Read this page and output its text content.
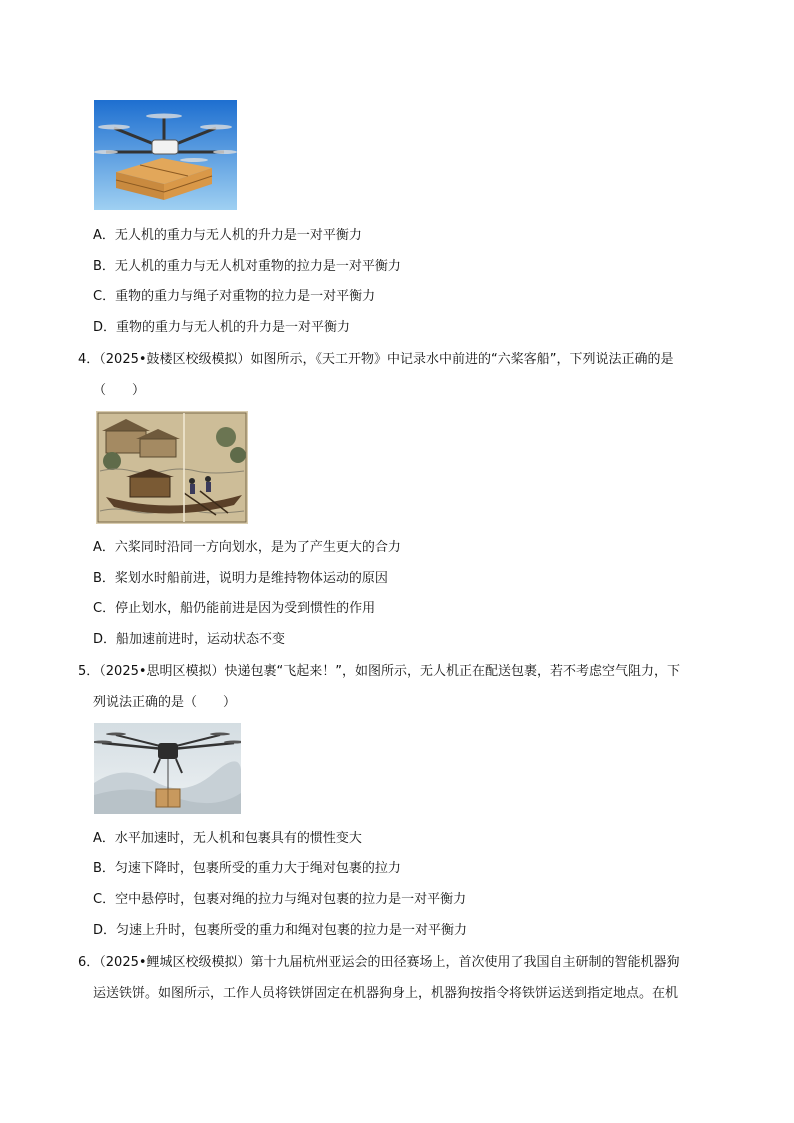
A．无人机的重力与无人机的升力是一对平衡力
B．无人机的重力与无人机对重物的拉力是一对平衡力
C．重物的重力与绳子对重物的拉力是一对平衡力
D．重物的重力与无人机的升力是一对平衡力
4．（2025•鼓楼区校级模拟）如图所示，《天工开物》中记录水中前进的“六桨客船”，下列说法正确的是
（　　）
A．六桨同时沿同一方向划水，是为了产生更大的合力
B．桨划水时船前进，说明力是维持物体运动的原因
C．停止划水，船仍能前进是因为受到惯性的作用
D．船加速前进时，运动状态不变
5．（2025•思明区模拟）快递包裹“飞起来！”，如图所示，无人机正在配送包裹，若不考虑空气阻力，下
列说法正确的是（　　）
A．水平加速时，无人机和包裹具有的惯性变大
B．匀速下降时，包裹所受的重力大于绳对包裹的拉力
C．空中悬停时，包裹对绳的拉力与绳对包裹的拉力是一对平衡力
D．匀速上升时，包裹所受的重力和绳对包裹的拉力是一对平衡力
6．（2025•鲤城区校级模拟）第十九届杭州亚运会的田径赛场上，首次使用了我国自主研制的智能机器狗
运送铁饼。如图所示，工作人员将铁饼固定在机器狗身上，机器狗按指令将铁饼运送到指定地点。在机
